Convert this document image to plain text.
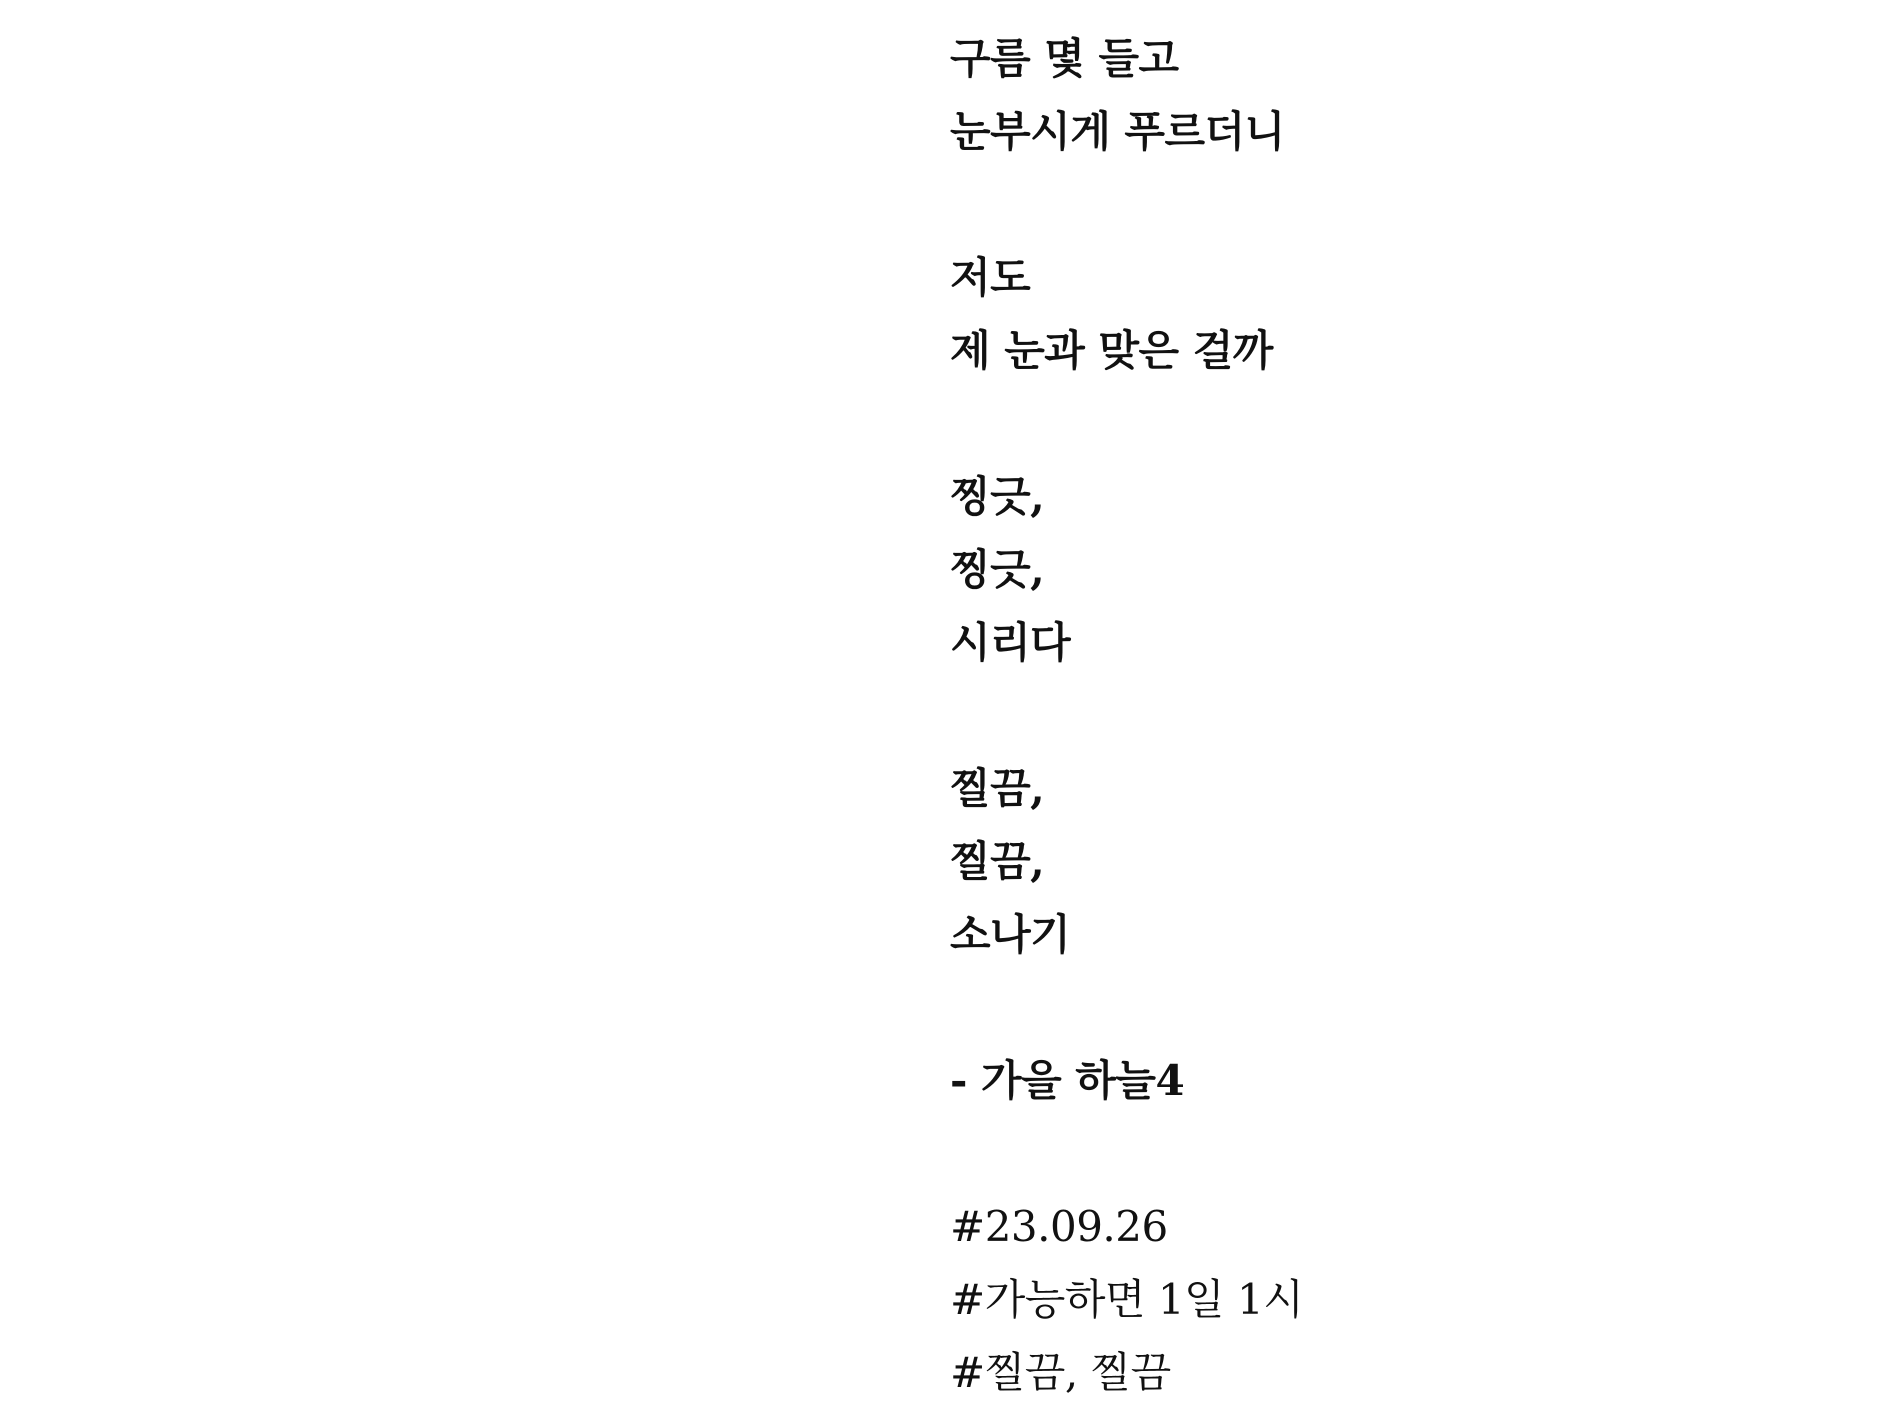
구름 몇 들고
눈부시게 푸르더니
저도
제 눈과 맞은 걸까
찡긋,
찡긋,
시리다
찔끔,
찔끔,
소나기
- 가을 하늘4
#23.09.26
#가능하면 1일 1시
#찔끔, 찔끔
